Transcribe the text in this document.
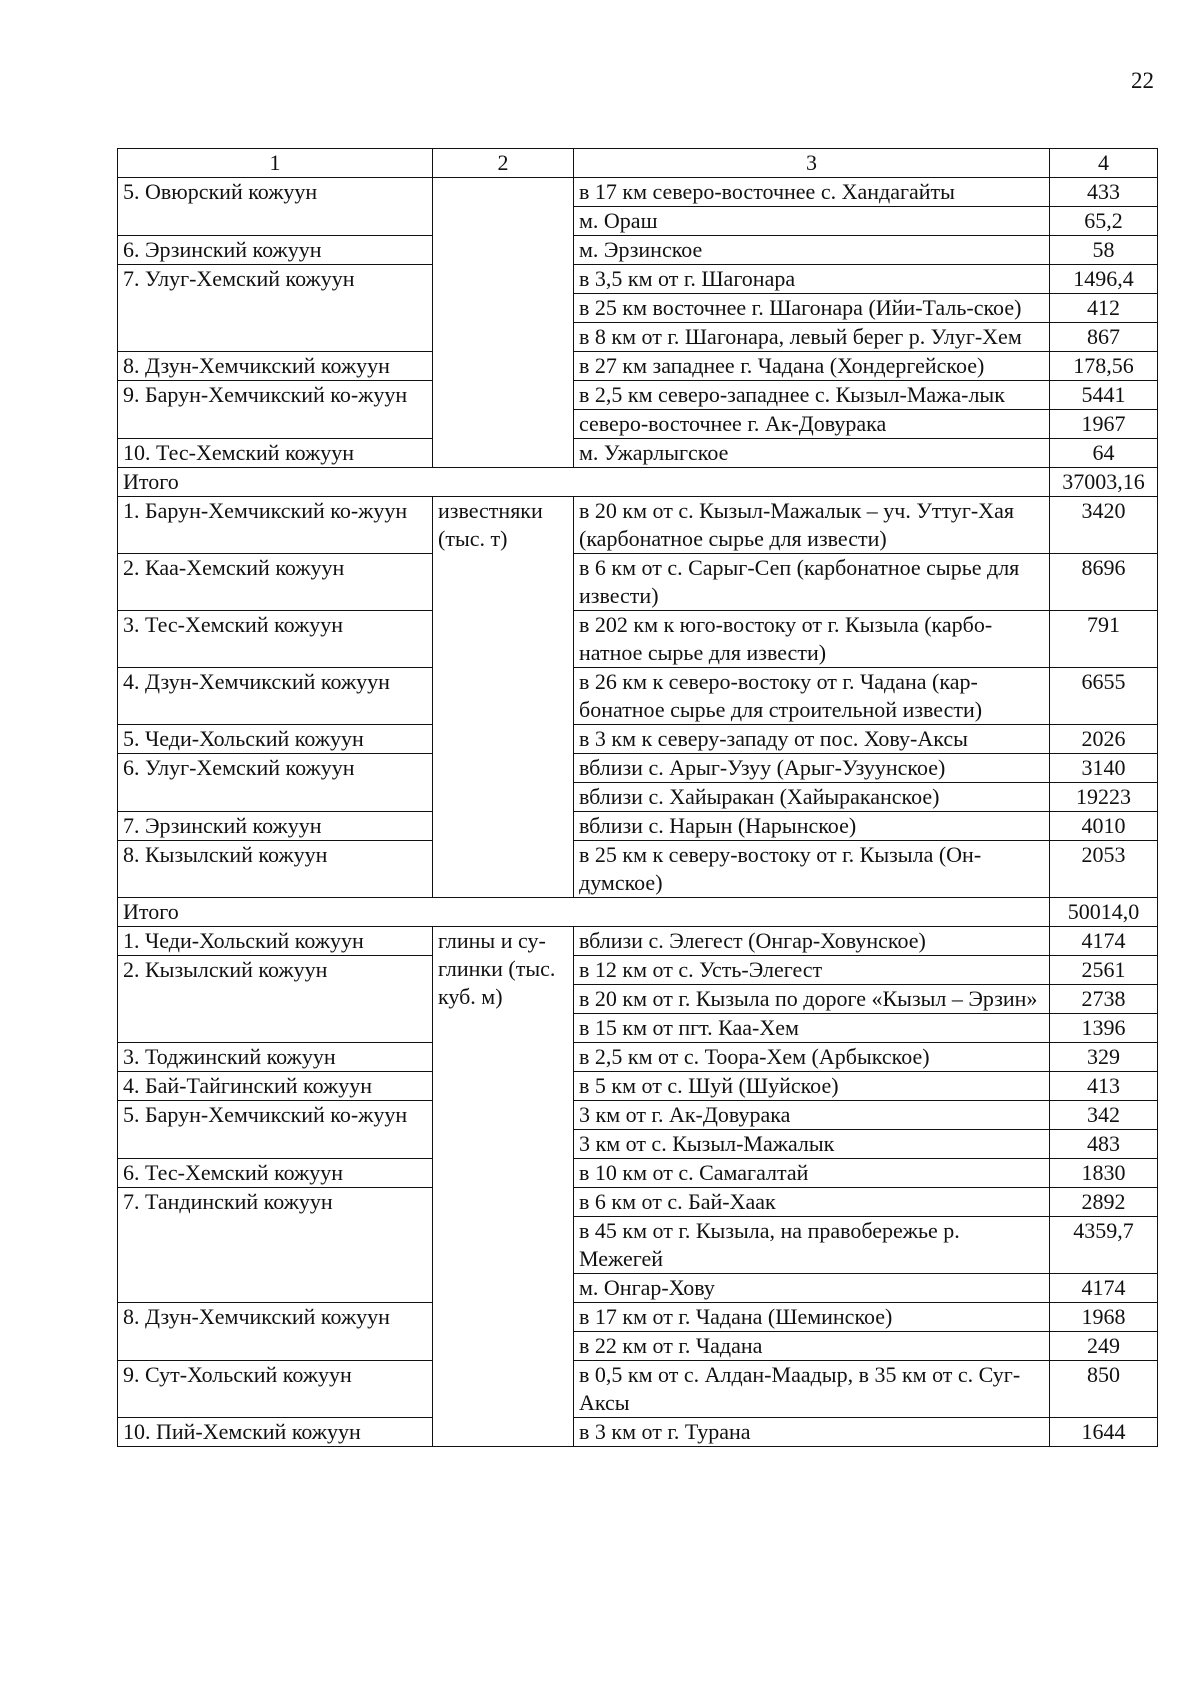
22
1	2	3	4
5. Овюрский кожуун		в 17 км северо-восточнее с. Хандагайты	433
		м. Ораш	65,2
6. Эрзинский кожуун		м. Эрзинское	58
7. Улуг-Хемский кожуун		в 3,5 км от г. Шагонара	1496,4
		в 25 км восточнее г. Шагонара (Ийи-Таль-ское)	412
		в 8 км от г. Шагонара, левый берег р. Улуг-Хем	867
8. Дзун-Хемчикский кожуун		в 27 км западнее г. Чадана (Хондергейское)	178,56
9. Барун-Хемчикский ко-жуун		в 2,5 км северо-западнее с. Кызыл-Мажа-лык	5441
		северо-восточнее г. Ак-Довурака	1967
10. Тес-Хемский кожуун		м. Ужарлыгское	64
Итого			37003,16
1. Барун-Хемчикский ко-жуун	известняки (тыс. т)	в 20 км от с. Кызыл-Мажалык – уч. Уттуг-Хая (карбонатное сырье для извести)	3420
2. Каа-Хемский кожуун		в 6 км от с. Сарыг-Сеп (карбонатное сырье для извести)	8696
3. Тес-Хемский кожуун		в 202 км к юго-востоку от г. Кызыла (карбо-натное сырье для извести)	791
4. Дзун-Хемчикский кожуун		в 26 км к северо-востоку от г. Чадана (кар-бонатное сырье для строительной извести)	6655
5. Чеди-Хольский кожуун		в 3 км к северу-западу от пос. Хову-Аксы	2026
6. Улуг-Хемский кожуун		вблизи с. Арыг-Узуу (Арыг-Узуунское)	3140
		вблизи с. Хайыракан (Хайыраканское)	19223
7. Эрзинский кожуун		вблизи с. Нарын (Нарынское)	4010
8. Кызылский кожуун		в 25 км к северу-востоку от г. Кызыла (Он-думское)	2053
Итого			50014,0
1. Чеди-Хольский кожуун	глины и су-глинки (тыс. куб. м)	вблизи с. Элегест (Онгар-Ховунское)	4174
2. Кызылский кожуун		в 12 км от с. Усть-Элегест	2561
		в 20 км от г. Кызыла по дороге «Кызыл – Эрзин»	2738
		в 15 км от пгт. Каа-Хем	1396
3. Тоджинский кожуун		в 2,5 км от с. Тоора-Хем (Арбыкское)	329
4. Бай-Тайгинский кожуун		в 5 км от с. Шуй (Шуйское)	413
5. Барун-Хемчикский ко-жуун		3 км от г. Ак-Довурака	342
		3 км от с. Кызыл-Мажалык	483
6. Тес-Хемский кожуун		в 10 км от с. Самагалтай	1830
7. Тандинский кожуун		в 6 км от с. Бай-Хаак	2892
		в 45 км от г. Кызыла, на правобережье р. Межегей	4359,7
		м. Онгар-Хову	4174
8. Дзун-Хемчикский кожуун		в 17 км от г. Чадана (Шеминское)	1968
		в 22 км от г. Чадана	249
9. Сут-Хольский кожуун		в 0,5 км от с. Алдан-Маадыр, в 35 км от с. Суг-Аксы	850
10. Пий-Хемский кожуун		в 3 км от г. Турана	1644
